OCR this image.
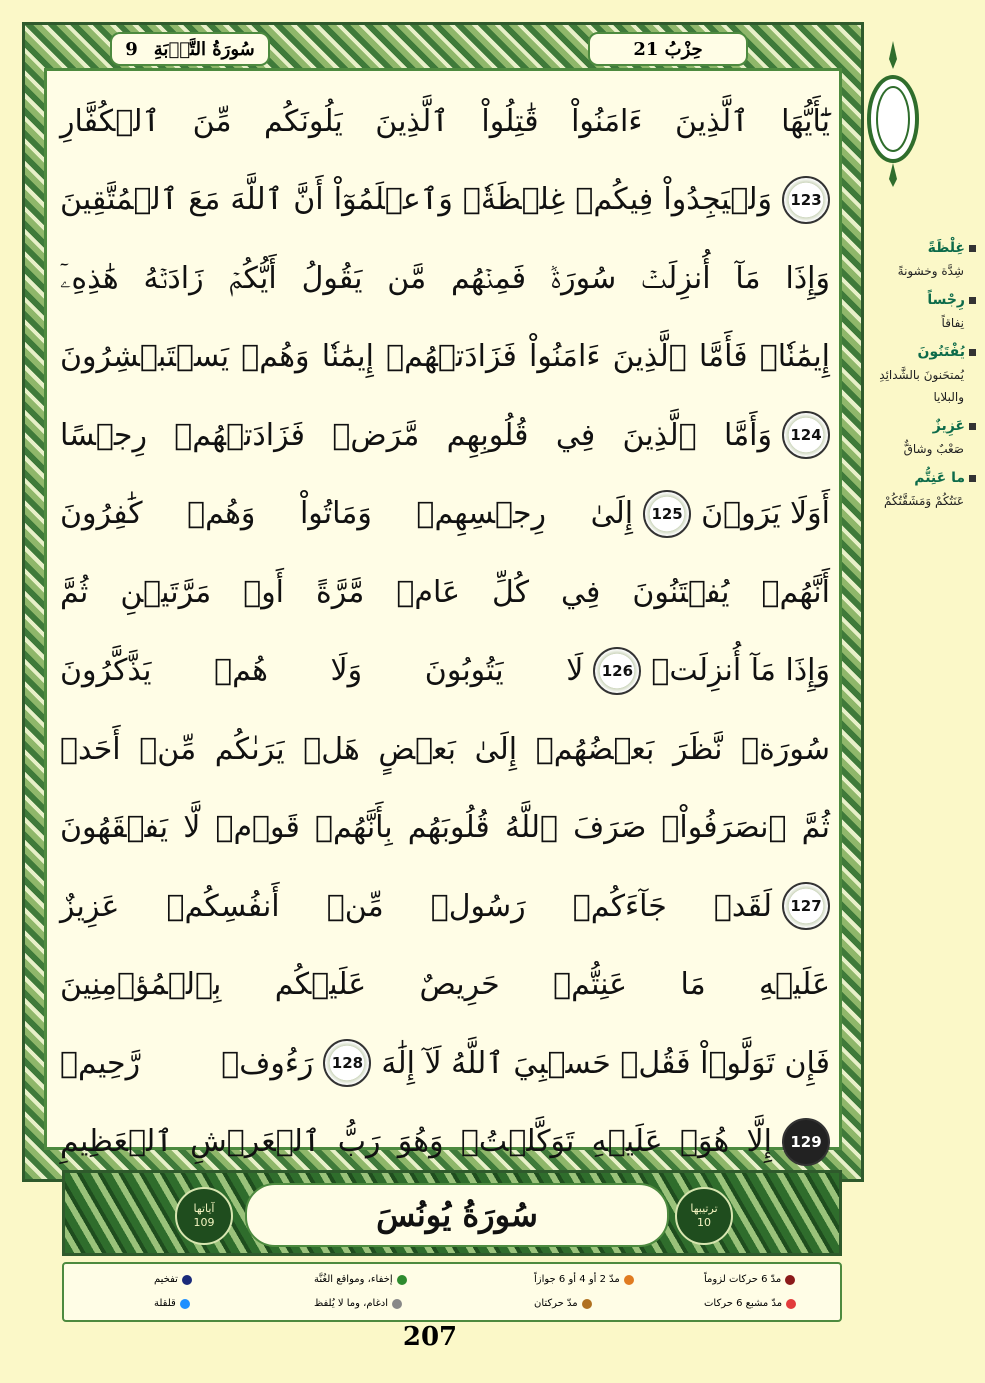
9 سُورَةُ التَّوۡبَةِ	حِزْبُ 21
يَٰٓأَيُّهَا ٱلَّذِينَ ءَامَنُواْ قَٰتِلُواْ ٱلَّذِينَ يَلُونَكُم مِّنَ ٱلۡكُفَّارِ
وَلۡيَجِدُواْ فِيكُمۡ غِلۡظَةٗۚ وَٱعۡلَمُوٓاْ أَنَّ ٱللَّهَ مَعَ ٱلۡمُتَّقِينَ	123
وَإِذَا مَآ أُنزِلَتۡ سُورَةٞ فَمِنۡهُم مَّن يَقُولُ أَيُّكُمۡ زَادَتۡهُ هَٰذِهِۦٓ
إِيمَٰنٗاۚ فَأَمَّا ٱلَّذِينَ ءَامَنُواْ فَزَادَتۡهُمۡ إِيمَٰنٗا وَهُمۡ يَسۡتَبۡشِرُونَ
وَأَمَّا ٱلَّذِينَ فِي قُلُوبِهِم مَّرَضٞ فَزَادَتۡهُمۡ رِجۡسًا	124
إِلَىٰ رِجۡسِهِمۡ وَمَاتُواْ وَهُمۡ كَٰفِرُونَ	125 أَوَلَا يَرَوۡنَ
أَنَّهُمۡ يُفۡتَنُونَ فِي كُلِّ عَامٖ مَّرَّةً أَوۡ مَرَّتَيۡنِ ثُمَّ
لَا يَتُوبُونَ وَلَا هُمۡ يَذَّكَّرُونَ	126 وَإِذَا مَآ أُنزِلَتۡ
سُورَةٞ نَّظَرَ بَعۡضُهُمۡ إِلَىٰ بَعۡضٍ هَلۡ يَرَىٰكُم مِّنۡ أَحَدٖ
ثُمَّ ٱنصَرَفُواْۚ صَرَفَ ٱللَّهُ قُلُوبَهُم بِأَنَّهُمۡ قَوۡمٞ لَّا يَفۡقَهُونَ
لَقَدۡ جَآءَكُمۡ رَسُولٞ مِّنۡ أَنفُسِكُمۡ عَزِيزٌ	127
عَلَيۡهِ مَا عَنِتُّمۡ حَرِيصٌ عَلَيۡكُم بِٱلۡمُؤۡمِنِينَ
رَءُوفٞ رَّحِيمٞ	128 فَإِن تَوَلَّوۡاْ فَقُلۡ حَسۡبِيَ ٱللَّهُ لَآ إِلَٰهَ
إِلَّا هُوَۖ عَلَيۡهِ تَوَكَّلۡتُۖ وَهُوَ رَبُّ ٱلۡعَرۡشِ ٱلۡعَظِيمِ	129
آياتها
109	سُورَةُ يُونُسَ	ترتيبها
10
مدّ 6 حركات لزوماً
مدّ 2 أو 4 أو 6 جوازاً
إخفاء، ومواقع الغُنَّة
تفخيم
مدّ مشبع 6 حركات
مدّ حركتان
ادغام، وما لا يُلفظ
قلقلة
207
غِلْظَةً
شِدَّة وخشونةً
رِجْساً
نِفاقاً
يُفْتَنُونَ
يُمتحَنونَ بالشَّدائِدِ والبلايا
عَزِيزٌ
صَعْبٌ وشاقٌّ
ما عَنِتُّم
عَنَتُكُمْ وَمَشَقَّتُكُمْ
